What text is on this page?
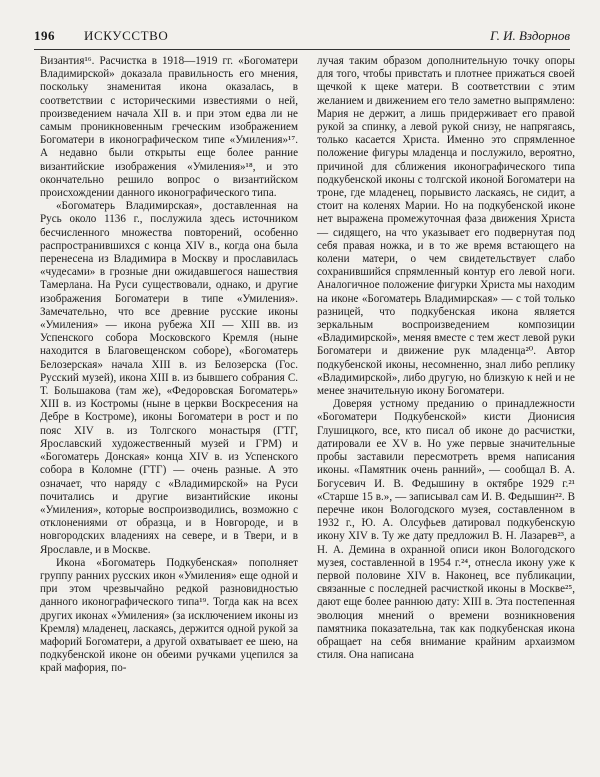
196 ИСКУССТВО	Г. И. Вздорнов

Византия¹⁶. Расчистка в 1918—1919 гг. «Богоматери Владимирской» доказала правильность его мнения, поскольку знаменитая икона оказалась, в соответствии с историческими известиями о ней, произведением начала XII в. и при этом едва ли не самым проникновенным греческим изображением Богоматери в иконографическом типе «Умиления»¹⁷. А недавно были открыты еще более ранние византийские изображения «Умиления»¹⁸, и это окончательно решило вопрос о византийском происхождении данного иконографического типа.

«Богоматерь Владимирская», доставленная на Русь около 1136 г., послужила здесь источником бесчисленного множества повторений, особенно распространившихся с конца XIV в., когда она была перенесена из Владимира в Москву и прославилась «чудесами» в грозные дни ожидавшегося нашествия Тамерлана. На Руси существовали, однако, и другие изображения Богоматери в типе «Умиления». Замечательно, что все древние русские иконы «Умиления» — икона рубежа XII — XIII вв. из Успенского собора Московского Кремля (ныне находится в Благовещенском соборе), «Богоматерь Белозерская» начала XIII в. из Белозерска (Гос. Русский музей), икона XIII в. из бывшего собрания С. Т. Большакова (там же), «Федоровская Богоматерь» XIII в. из Костромы (ныне в церкви Воскресения на Дебре в Костроме), иконы Богоматери в рост и по пояс XIV в. из Толгского монастыря (ГТГ, Ярославский художественный музей и ГРМ) и «Богоматерь Донская» конца XIV в. из Успенского собора в Коломне (ГТГ) — очень разные. А это означает, что наряду с «Владимирской» на Руси почитались и другие византийские иконы «Умиления», которые воспроизводились, возможно с отклонениями от образца, и в Новгороде, и в новгородских владениях на севере, и в Твери, и в Ярославле, и в Москве.

Икона «Богоматерь Подкубенская» пополняет группу ранних русских икон «Умиления» еще одной и при этом чрезвычайно редкой разновидностью данного иконографического типа¹⁹. Тогда как на всех других иконах «Умиления» (за исключением иконы из Кремля) младенец, ласкаясь, держится одной рукой за мафорий Богоматери, а другой охватывает ее шею, на подкубенской иконе он обеими ручками уцепился за край мафория, по-

лучая таким образом дополнительную точку опоры для того, чтобы привстать и плотнее прижаться своей щечкой к щеке матери. В соответствии с этим желанием и движением его тело заметно выпрямлено: Мария не держит, а лишь придерживает его правой рукой за спинку, а левой рукой снизу, не напрягаясь, только касается Христа. Именно это спрямленное положение фигуры младенца и послужило, вероятно, причиной для сближения иконографического типа подкубенской иконы с толгской иконой Богоматери на троне, где младенец, порывисто ласкаясь, не сидит, а стоит на коленях Марии. Но на подкубенской иконе нет выражена промежуточная фаза движения Христа — сидящего, на что указывает его подвернутая под себя правая ножка, и в то же время встающего на колени матери, о чем свидетельствует слабо сохранившийся спрямленный контур его левой ноги. Аналогичное положение фигурки Христа мы находим на иконе «Богоматерь Владимирская» — с той только разницей, что подкубенская икона является зеркальным воспроизведением композиции «Владимирской», меняя вместе с тем жест левой руки Богоматери и движение рук младенца²⁰. Автор подкубенской иконы, несомненно, знал либо реплику «Владимирской», либо другую, но близкую к ней и не менее значительную икону Богоматери.

Доверяя устному преданию о принадлежности «Богоматери Подкубенской» кисти Дионисия Глушицкого, все, кто писал об иконе до расчистки, датировали ее XV в. Но уже первые значительные пробы заставили пересмотреть время написания иконы. «Памятник очень ранний», — сообщал В. А. Богусевич И. В. Федышину в октябре 1929 г.²¹ «Старше 15 в.», — записывал сам И. В. Федышин²². В перечне икон Вологодского музея, составленном в 1932 г., Ю. А. Олсуфьев датировал подкубенскую икону XIV в. Ту же дату предложил В. Н. Лазарев²³, а Н. А. Демина в охранной описи икон Вологодского музея, составленной в 1954 г.²⁴, отнесла икону уже к первой половине XIV в. Наконец, все публикации, связанные с последней расчисткой иконы в Москве²⁵, дают еще более раннюю дату: XIII в. Эта постепенная эволюция мнений о времени возникновения памятника показательна, так как подкубенская икона обращает на себя внимание крайним архаизмом стиля. Она написана
